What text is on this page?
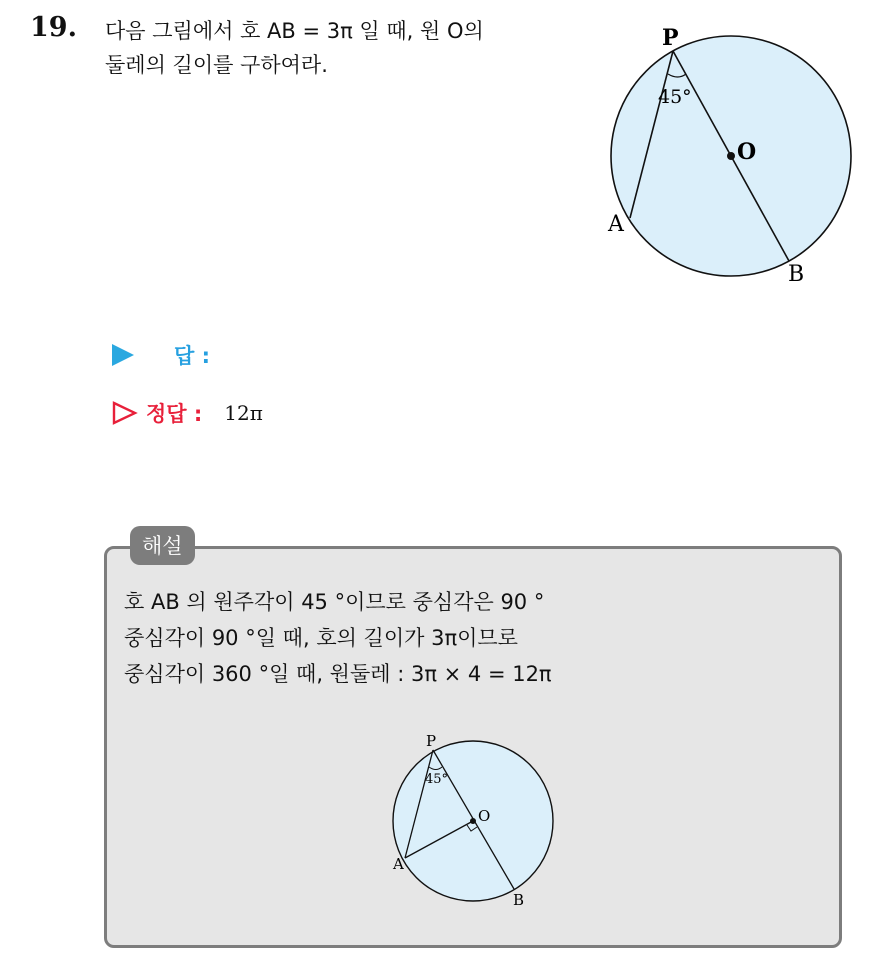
19. 다음 그림에서 호 AB = 3π 일 때, 원 O의
둘레의 길이를 구하여라.
P
45°
O
A
B
답 :
정답 : 12π
해설
호 AB 의 원주각이 45 °이므로 중심각은 90 °
중심각이 90 °일 때, 호의 길이가 3π이므로
중심각이 360 °일 때, 원둘레 : 3π × 4 = 12π
P
45°
O
A
B
